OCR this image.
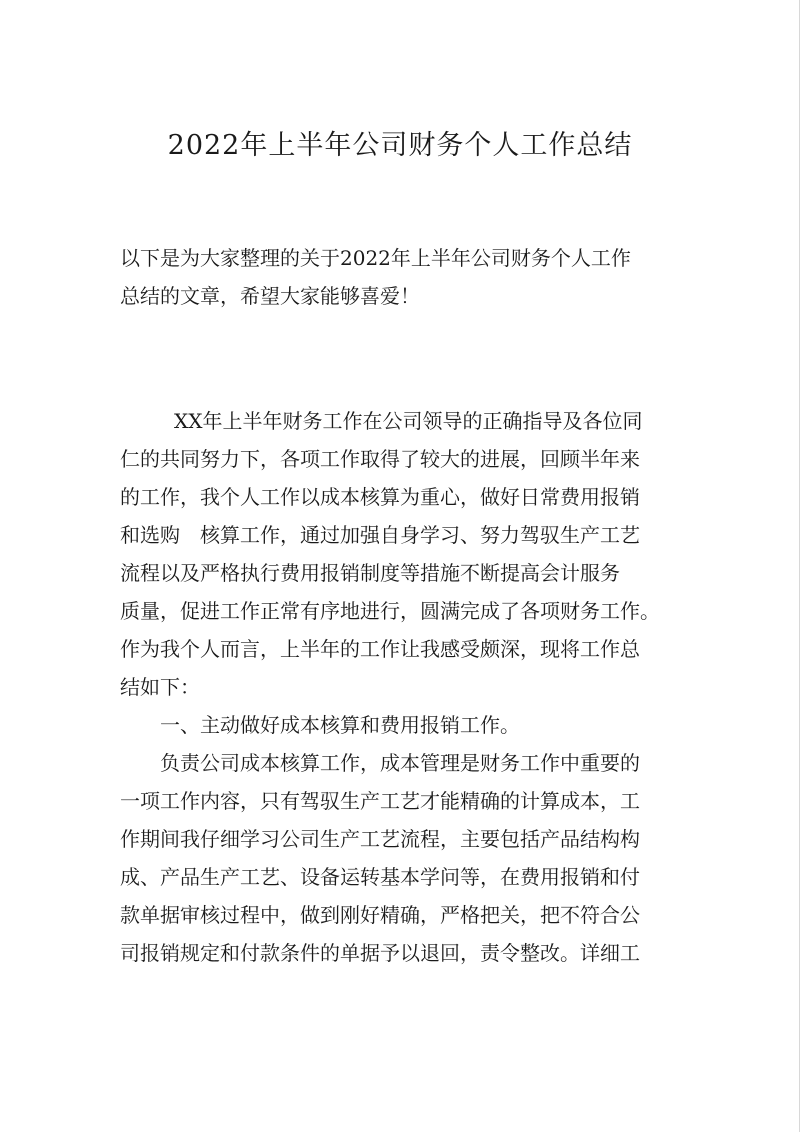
2022年上半年公司财务个人工作总结
以下是为大家整理的关于2022年上半年公司财务个人工作
总结的文章，希望大家能够喜爱！
XX年上半年财务工作在公司领导的正确指导及各位同
仁的共同努力下，各项工作取得了较大的进展，回顾半年来
的工作，我个人工作以成本核算为重心，做好日常费用报销
和选购　核算工作，通过加强自身学习、努力驾驭生产工艺
流程以及严格执行费用报销制度等措施不断提高会计服务
质量，促进工作正常有序地进行，圆满完成了各项财务工作。
作为我个人而言，上半年的工作让我感受颇深，现将工作总
结如下：
一、主动做好成本核算和费用报销工作。
负责公司成本核算工作，成本管理是财务工作中重要的
一项工作内容，只有驾驭生产工艺才能精确的计算成本，工
作期间我仔细学习公司生产工艺流程，主要包括产品结构构
成、产品生产工艺、设备运转基本学问等，在费用报销和付
款单据审核过程中，做到刚好精确，严格把关，把不符合公
司报销规定和付款条件的单据予以退回，责令整改。详细工
